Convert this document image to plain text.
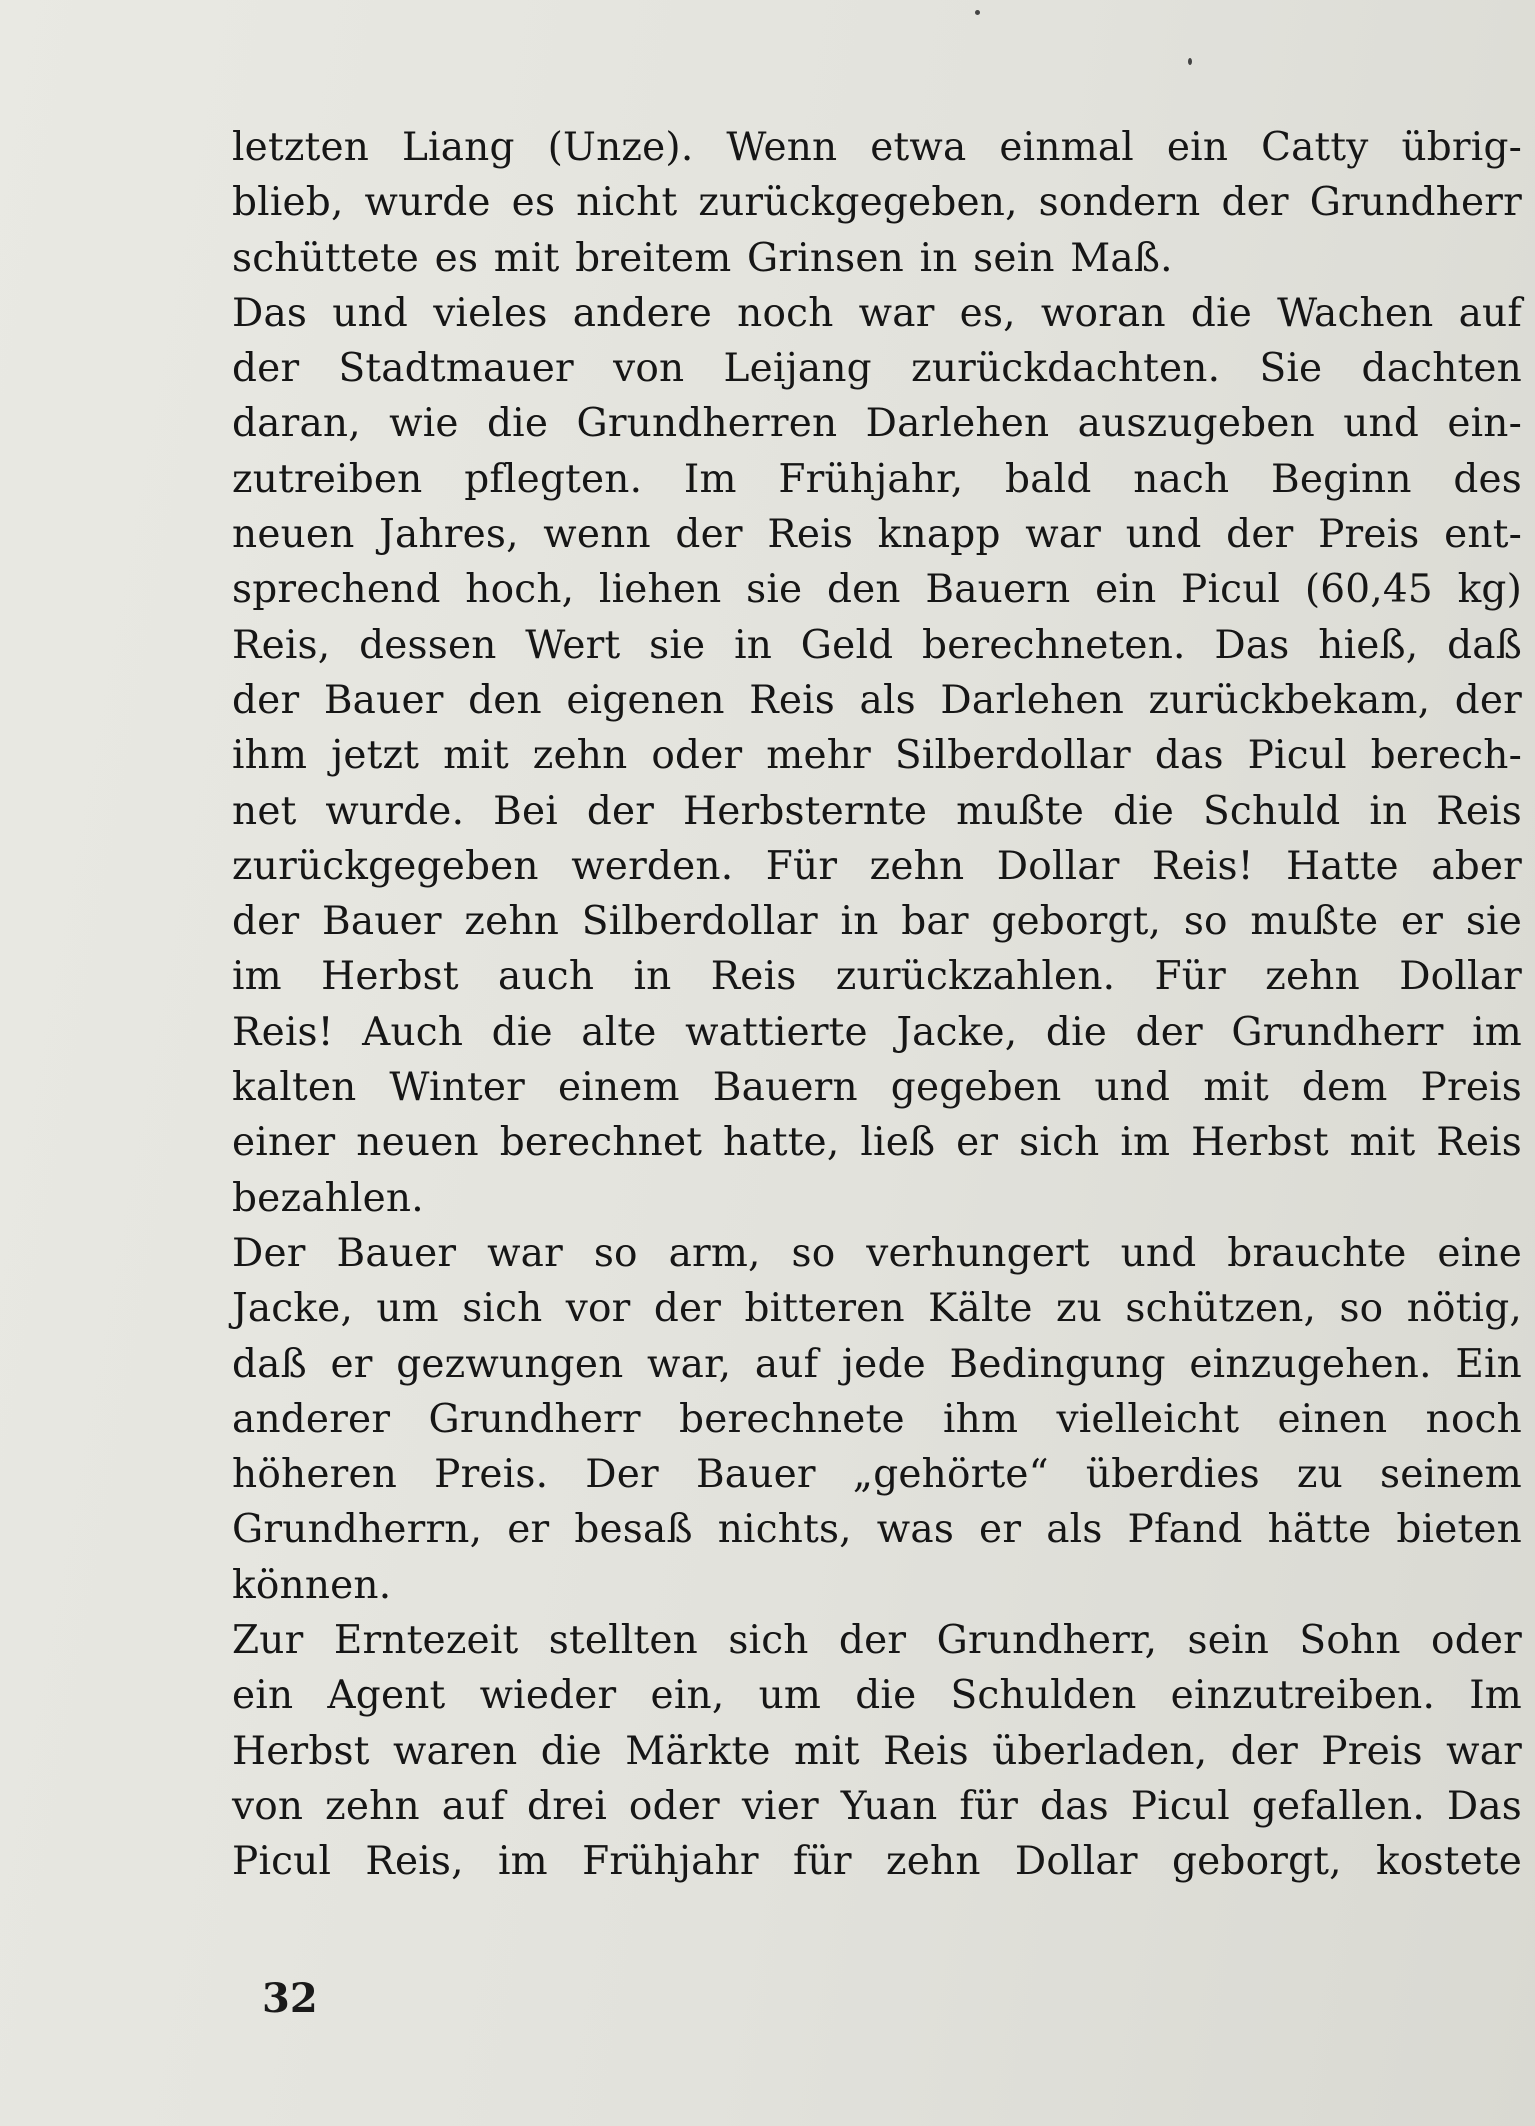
letzten Liang (Unze). Wenn etwa einmal ein Catty übrig-
blieb, wurde es nicht zurückgegeben, sondern der Grundherr
schüttete es mit breitem Grinsen in sein Maß.
Das und vieles andere noch war es, woran die Wachen auf
der Stadtmauer von Leijang zurückdachten. Sie dachten
daran, wie die Grundherren Darlehen auszugeben und ein-
zutreiben pflegten. Im Frühjahr, bald nach Beginn des
neuen Jahres, wenn der Reis knapp war und der Preis ent-
sprechend hoch, liehen sie den Bauern ein Picul (60,45 kg)
Reis, dessen Wert sie in Geld berechneten. Das hieß, daß
der Bauer den eigenen Reis als Darlehen zurückbekam, der
ihm jetzt mit zehn oder mehr Silberdollar das Picul berech-
net wurde. Bei der Herbsternte mußte die Schuld in Reis
zurückgegeben werden. Für zehn Dollar Reis! Hatte aber
der Bauer zehn Silberdollar in bar geborgt, so mußte er sie
im Herbst auch in Reis zurückzahlen. Für zehn Dollar
Reis! Auch die alte wattierte Jacke, die der Grundherr im
kalten Winter einem Bauern gegeben und mit dem Preis
einer neuen berechnet hatte, ließ er sich im Herbst mit Reis
bezahlen.
Der Bauer war so arm, so verhungert und brauchte eine
Jacke, um sich vor der bitteren Kälte zu schützen, so nötig,
daß er gezwungen war, auf jede Bedingung einzugehen. Ein
anderer Grundherr berechnete ihm vielleicht einen noch
höheren Preis. Der Bauer „gehörte“ überdies zu seinem
Grundherrn, er besaß nichts, was er als Pfand hätte bieten
können.
Zur Erntezeit stellten sich der Grundherr, sein Sohn oder
ein Agent wieder ein, um die Schulden einzutreiben. Im
Herbst waren die Märkte mit Reis überladen, der Preis war
von zehn auf drei oder vier Yuan für das Picul gefallen. Das
Picul Reis, im Frühjahr für zehn Dollar geborgt, kostete
32
